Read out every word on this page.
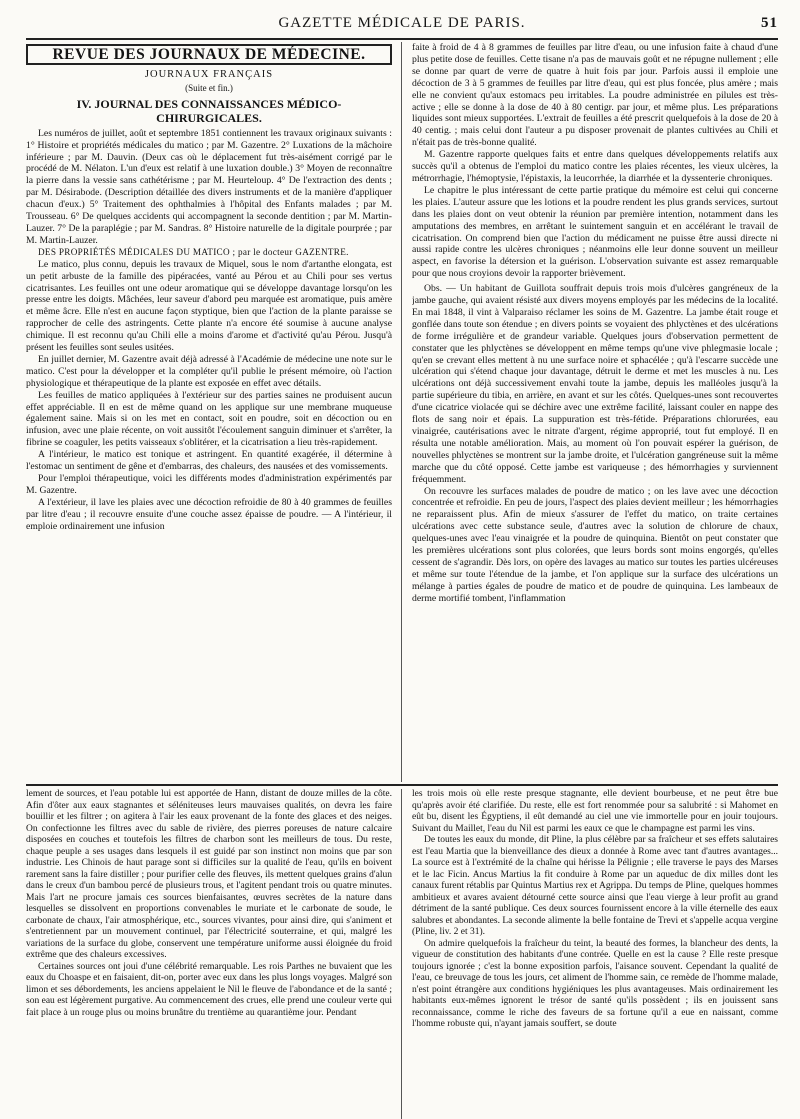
GAZETTE MÉDICALE DE PARIS.	51
REVUE DES JOURNAUX DE MÉDECINE.
JOURNAUX FRANÇAIS
(Suite et fin.)
IV. JOURNAL DES CONNAISSANCES MÉDICO-
CHIRURGICALES.

Les numéros de juillet, août et septembre 1851 contiennent les travaux originaux suivants : 1° Histoire et propriétés médicales du matico ; par M. Gazentre. 2° Luxations de la mâchoire inférieure ; par M. Dauvin. (Deux cas où le déplacement fut très-aisément corrigé par le procédé de M. Nélaton. L'un d'eux est relatif à une luxation double.) 3° Moyen de reconnaître la pierre dans la vessie sans cathétérisme ; par M. Heurteloup. 4° De l'extraction des dents ; par M. Désirabode. (Description détaillée des divers instruments et de la manière d'appliquer chacun d'eux.) 5° Traitement des ophthalmies à l'hôpital des Enfants malades ; par M. Trousseau. 6° De quelques accidents qui accompagnent la seconde dentition ; par M. Martin-Lauzer. 7° De la paraplégie ; par M. Sandras. 8° Histoire naturelle de la digitale pourprée ; par M. Martin-Lauzer.

DES PROPRIÉTÉS MÉDICALES DU MATICO ; par le docteur GAZENTRE.

Le matico, plus connu, depuis les travaux de Miquel, sous le nom d'artanthe elongata, est un petit arbuste de la famille des pipéracées, vanté au Pérou et au Chili pour ses vertus cicatrisantes. Les feuilles ont une odeur aromatique qui se développe davantage lorsqu'on les presse entre les doigts. Mâchées, leur saveur d'abord peu marquée est aromatique, puis amère et même âcre. Elle n'est en aucune façon styptique, bien que l'action de la plante paraisse se rapprocher de celle des astringents. Cette plante n'a encore été soumise à aucune analyse chimique. Il est reconnu qu'au Chili elle a moins d'arome et d'activité qu'au Pérou. Jusqu'à présent les feuilles sont seules usitées.

En juillet dernier, M. Gazentre avait déjà adressé à l'Académie de médecine une note sur le matico. C'est pour la développer et la compléter qu'il publie le présent mémoire, où l'action physiologique et thérapeutique de la plante est exposée en effet avec détails.

Les feuilles de matico appliquées à l'extérieur sur des parties saines ne produisent aucun effet appréciable. Il en est de même quand on les applique sur une membrane muqueuse également saine. Mais si on les met en contact, soit en poudre, soit en décoction ou en infusion, avec une plaie récente, on voit aussitôt l'écoulement sanguin diminuer et s'arrêter, la fibrine se coaguler, les petits vaisseaux s'oblitérer, et la cicatrisation a lieu très-rapidement.

A l'intérieur, le matico est tonique et astringent. En quantité exagérée, il détermine à l'estomac un sentiment de gêne et d'embarras, des chaleurs, des nausées et des vomissements.

Pour l'emploi thérapeutique, voici les différents modes d'administration expérimentés par M. Gazentre.

A l'extérieur, il lave les plaies avec une décoction refroidie de 80 à 40 grammes de feuilles par litre d'eau ; il recouvre ensuite d'une couche assez épaisse de poudre. — A l'intérieur, il emploie ordinairement une infusion

faite à froid de 4 à 8 grammes de feuilles par litre d'eau, ou une infusion faite à chaud d'une plus petite dose de feuilles. Cette tisane n'a pas de mauvais goût et ne répugne nullement ; elle se donne par quart de verre de quatre à huit fois par jour. Parfois aussi il emploie une décoction de 3 à 5 grammes de feuilles par litre d'eau, qui est plus foncée, plus amère ; mais elle ne convient qu'aux estomacs peu irritables. La poudre administrée en pilules est très-active ; elle se donne à la dose de 40 à 80 centigr. par jour, et même plus. Les préparations liquides sont mieux supportées. L'extrait de feuilles a été prescrit quelquefois à la dose de 20 à 40 centig. ; mais celui dont l'auteur a pu disposer provenait de plantes cultivées au Chili et n'était pas de très-bonne qualité.

M. Gazentre rapporte quelques faits et entre dans quelques développements relatifs aux succès qu'il a obtenus de l'emploi du matico contre les plaies récentes, les vieux ulcères, la métrorrhagie, l'hémoptysie, l'épistaxis, la leucorrhée, la diarrhée et la dyssenterie chroniques.

Le chapitre le plus intéressant de cette partie pratique du mémoire est celui qui concerne les plaies. L'auteur assure que les lotions et la poudre rendent les plus grands services, surtout dans les plaies dont on veut obtenir la réunion par première intention, notamment dans les amputations des membres, en arrêtant le suintement sanguin et en accélérant le travail de cicatrisation. On comprend bien que l'action du médicament ne puisse être aussi directe ni aussi rapide contre les ulcères chroniques ; néanmoins elle leur donne souvent un meilleur aspect, en favorise la détersion et la guérison. L'observation suivante est assez remarquable pour que nous croyions devoir la rapporter brièvement.

Obs. — Un habitant de Guillota souffrait depuis trois mois d'ulcères gangréneux de la jambe gauche, qui avaient résisté aux divers moyens employés par les médecins de la localité. En mai 1848, il vint à Valparaiso réclamer les soins de M. Gazentre. La jambe était rouge et gonflée dans toute son étendue ; en divers points se voyaient des phlyctènes et des ulcérations de forme irrégulière et de grandeur variable. Quelques jours d'observation permettent de constater que les phlyctènes se développent en même temps qu'une vive phlegmasie locale ; qu'en se crevant elles mettent à nu une surface noire et sphacélée ; qu'à l'escarre succède une ulcération qui s'étend chaque jour davantage, détruit le derme et met les muscles à nu. Les ulcérations ont déjà successivement envahi toute la jambe, depuis les malléoles jusqu'à la partie supérieure du tibia, en arrière, en avant et sur les côtés. Quelques-unes sont recouvertes d'une cicatrice violacée qui se déchire avec une extrême facilité, laissant couler en nappe des flots de sang noir et épais. La suppuration est très-fétide. Préparations chlorurées, eau vinaigrée, cautérisations avec le nitrate d'argent, régime approprié, tout fut employé. Il en résulta une notable amélioration. Mais, au moment où l'on pouvait espérer la guérison, de nouvelles phlyctènes se montrent sur la jambe droite, et l'ulcération gangréneuse suit la même marche que du côté opposé. Cette jambe est variqueuse ; des hémorrhagies y surviennent fréquemment.

On recouvre les surfaces malades de poudre de matico ; on les lave avec une décoction concentrée et refroidie. En peu de jours, l'aspect des plaies devient meilleur ; les hémorrhagies ne reparaissent plus. Afin de mieux s'assurer de l'effet du matico, on traite certaines ulcérations avec cette substance seule, d'autres avec la solution de chlorure de chaux, quelques-unes avec l'eau vinaigrée et la poudre de quinquina. Bientôt on peut constater que les premières ulcérations sont plus colorées, que leurs bords sont moins engorgés, qu'elles cessent de s'agrandir. Dès lors, on opère des lavages au matico sur toutes les parties ulcéreuses et même sur toute l'étendue de la jambe, et l'on applique sur la surface des ulcérations un mélange à parties égales de poudre de matico et de poudre de quinquina. Les lambeaux de derme mortifié tombent, l'inflammation

lement de sources, et l'eau potable lui est apportée de Hann, distant de douze milles de la côte. Afin d'ôter aux eaux stagnantes et séléniteuses leurs mauvaises qualités, on devra les faire bouillir et les filtrer ; on agitera à l'air les eaux provenant de la fonte des glaces et des neiges. On confectionne les filtres avec du sable de rivière, des pierres poreuses de nature calcaire disposées en couches et toutefois les filtres de charbon sont les meilleurs de tous. Du reste, chaque peuple a ses usages dans lesquels il est guidé par son instinct non moins que par son industrie. Les Chinois de haut parage sont si difficiles sur la qualité de l'eau, qu'ils en boivent rarement sans la faire distiller ; pour purifier celle des fleuves, ils mettent quelques grains d'alun dans le creux d'un bambou percé de plusieurs trous, et l'agitent pendant trois ou quatre minutes. Mais l'art ne procure jamais ces sources bienfaisantes, œuvres secrètes de la nature dans lesquelles se dissolvent en proportions convenables le muriate et le carbonate de soude, le carbonate de chaux, l'air atmosphérique, etc., sources vivantes, pour ainsi dire, qui s'animent et s'entretiennent par un mouvement continuel, par l'électricité souterraine, et qui, malgré les variations de la surface du globe, conservent une température uniforme aussi éloignée du froid extrême que des chaleurs excessives.

Certaines sources ont joui d'une célébrité remarquable. Les rois Parthes ne buvaient que les eaux du Choaspe et en faisaient, dit-on, porter avec eux dans les plus longs voyages. Malgré son limon et ses débordements, les anciens appelaient le Nil le fleuve de l'abondance et de la santé ; son eau est légèrement purgative. Au commencement des crues, elle prend une couleur verte qui fait place à un rouge plus ou moins brunâtre du trentième au quarantième jour. Pendant

les trois mois où elle reste presque stagnante, elle devient bourbeuse, et ne peut être bue qu'après avoir été clarifiée. Du reste, elle est fort renommée pour sa salubrité : si Mahomet en eût bu, disent les Égyptiens, il eût demandé au ciel une vie immortelle pour en jouir toujours. Suivant du Maillet, l'eau du Nil est parmi les eaux ce que le champagne est parmi les vins.

De toutes les eaux du monde, dit Pline, la plus célèbre par sa fraîcheur et ses effets salutaires est l'eau Martia que la bienveillance des dieux a donnée à Rome avec tant d'autres avantages... La source est à l'extrémité de la chaîne qui hérisse la Pélignie ; elle traverse le pays des Marses et le lac Ficin. Ancus Martius la fit conduire à Rome par un aqueduc de dix milles dont les canaux furent rétablis par Quintus Martius rex et Agrippa. Du temps de Pline, quelques hommes ambitieux et avares avaient détourné cette source ainsi que l'eau vierge à leur profit au grand détriment de la santé publique. Ces deux sources fournissent encore à la ville éternelle des eaux salubres et abondantes. La seconde alimente la belle fontaine de Trevi et s'appelle acqua vergine (Pline, liv. 2 et 31).

On admire quelquefois la fraîcheur du teint, la beauté des formes, la blancheur des dents, la vigueur de constitution des habitants d'une contrée. Quelle en est la cause ? Elle reste presque toujours ignorée ; c'est la bonne exposition parfois, l'aisance souvent. Cependant la qualité de l'eau, ce breuvage de tous les jours, cet aliment de l'homme sain, ce remède de l'homme malade, n'est point étrangère aux conditions hygiéniques les plus avantageuses. Mais ordinairement les habitants eux-mêmes ignorent le trésor de santé qu'ils possèdent ; ils en jouissent sans reconnaissance, comme le riche des faveurs de sa fortune qu'il a eue en naissant, comme l'homme robuste qui, n'ayant jamais souffert, se doute
